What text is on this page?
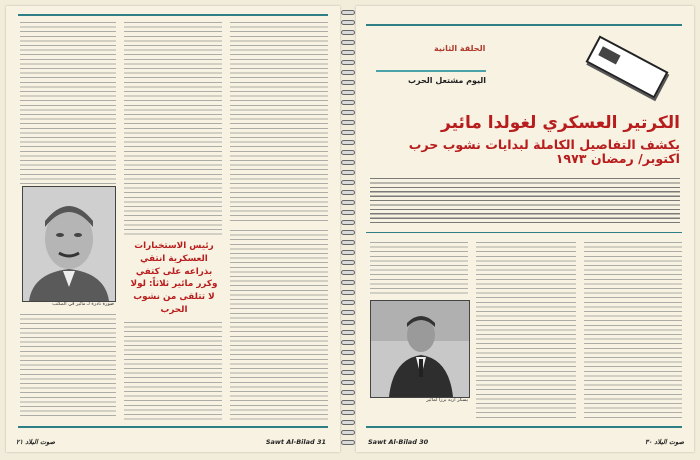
صورة نادرة لـ مائير في المكتب
رئيس الاستخبارات العسكرية انتقي بذراعه على كتفي وكرر مائير ثلاثاً: لولا لا تتلقى من نشوب الحرب
صوت البلاد ٢١	Sawt Al-Bilad 31
الحلقة الثانية
اليوم مشتعل الحرب
الكرتير العسكري لغولدا مائير
يكشف التفاصيل الكاملة لبدايات نشوب حرب اكتوبر/ رمضان ١٩٧٣
يسكر اريه برزا لمائير
Sawt Al-Bilad 30	صوت البلاد ٣٠
